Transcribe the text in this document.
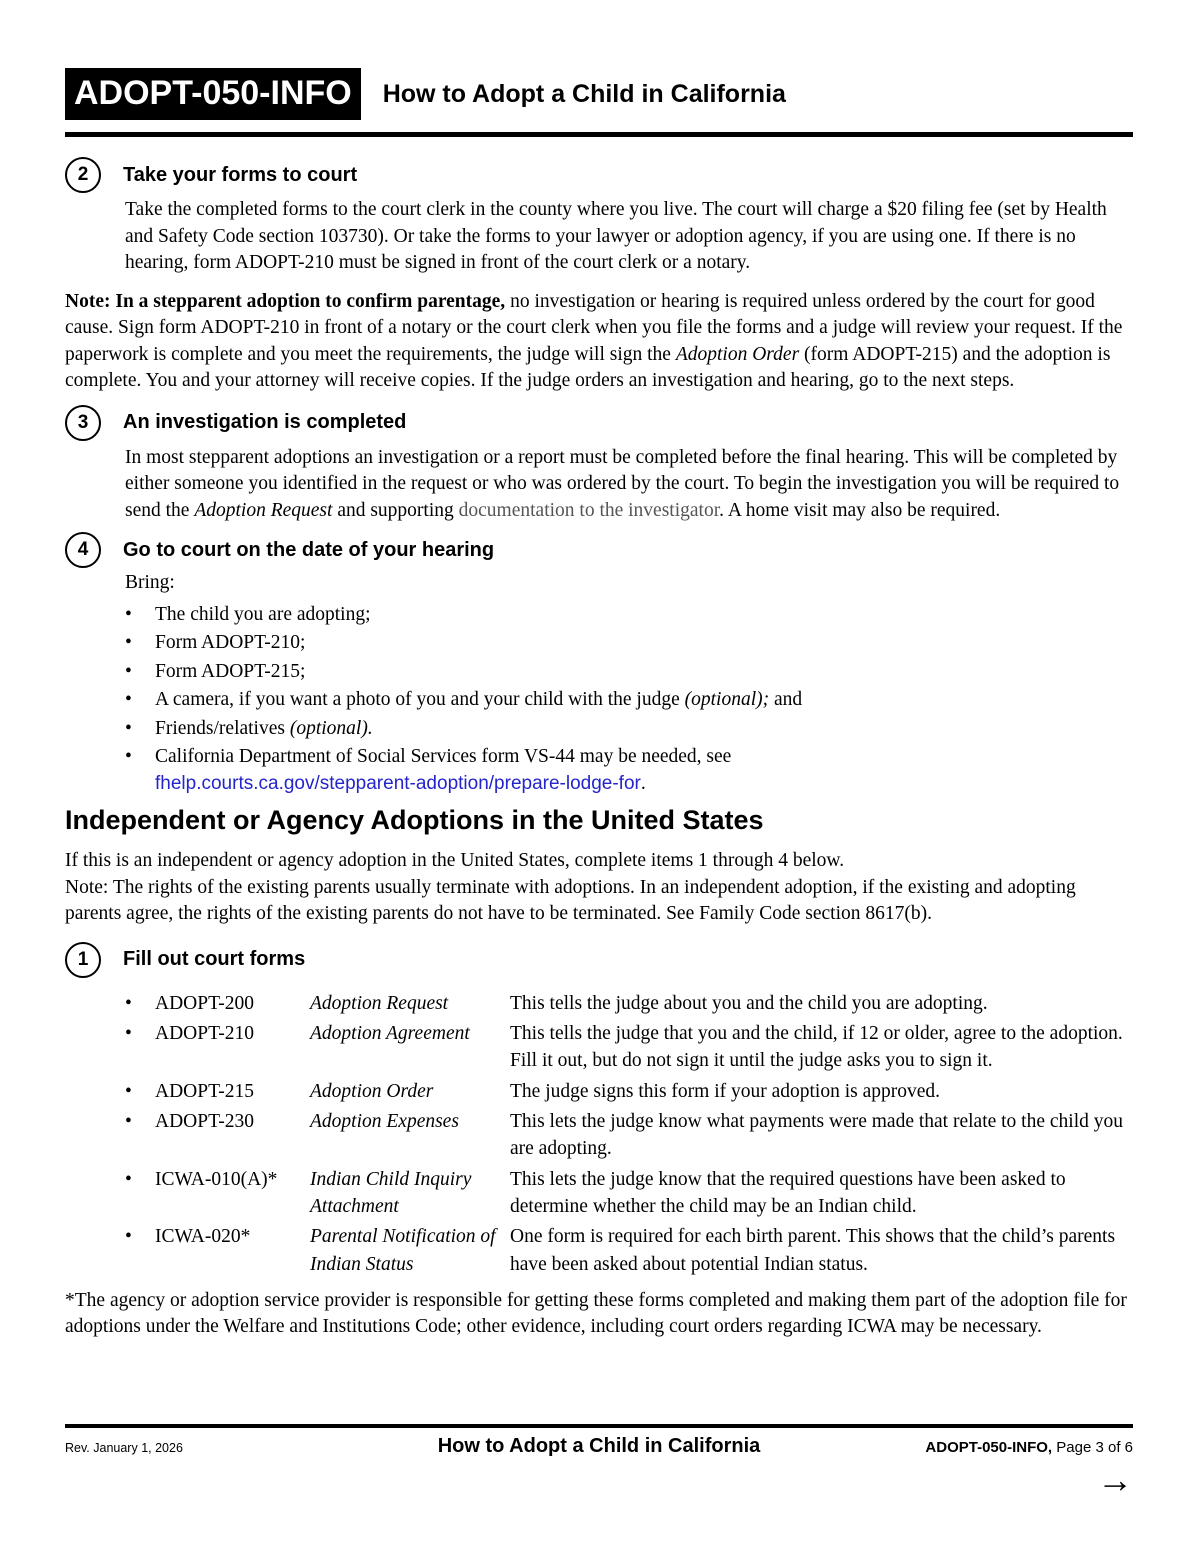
ADOPT-050-INFO	How to Adopt a Child in California
2	Take your forms to court

Take the completed forms to the court clerk in the county where you live. The court will charge a $20 filing fee (set by Health and Safety Code section 103730). Or take the forms to your lawyer or adoption agency, if you are using one. If there is no hearing, form ADOPT-210 must be signed in front of the court clerk or a notary.

Note: In a stepparent adoption to confirm parentage, no investigation or hearing is required unless ordered by the court for good cause. Sign form ADOPT-210 in front of a notary or the court clerk when you file the forms and a judge will review your request. If the paperwork is complete and you meet the requirements, the judge will sign the Adoption Order (form ADOPT-215) and the adoption is complete. You and your attorney will receive copies. If the judge orders an investigation and hearing, go to the next steps.

3	An investigation is completed

In most stepparent adoptions an investigation or a report must be completed before the final hearing. This will be completed by either someone you identified in the request or who was ordered by the court. To begin the investigation you will be required to send the Adoption Request and supporting documentation to the investigator. A home visit may also be required.

4	Go to court on the date of your hearing

Bring:

•	The child you are adopting;
•	Form ADOPT-210;
•	Form ADOPT-215;
•	A camera, if you want a photo of you and your child with the judge (optional); and
•	Friends/relatives (optional).
•	California Department of Social Services form VS-44 may be needed, see
fhelp.courts.ca.gov/stepparent-adoption/prepare-lodge-for.
Independent or Agency Adoptions in the United States

If this is an independent or agency adoption in the United States, complete items 1 through 4 below.

Note: The rights of the existing parents usually terminate with adoptions. In an independent adoption, if the existing and adopting parents agree, the rights of the existing parents do not have to be terminated. See Family Code section 8617(b).

1	Fill out court forms
•	ADOPT-200	Adoption Request	This tells the judge about you and the child you are adopting.
•	ADOPT-210	Adoption Agreement	This tells the judge that you and the child, if 12 or older, agree to the adoption. Fill it out, but do not sign it until the judge asks you to sign it.
•	ADOPT-215	Adoption Order	The judge signs this form if your adoption is approved.
•	ADOPT-230	Adoption Expenses	This lets the judge know what payments were made that relate to the child you are adopting.
•	ICWA-010(A)*	Indian Child Inquiry Attachment
This lets the judge know that the required questions have been asked to determine whether the child may be an Indian child.
•	ICWA-020*	Parental Notification of Indian Status
One form is required for each birth parent. This shows that the child’s parents have been asked about potential Indian status.

*The agency or adoption service provider is responsible for getting these forms completed and making them part of the adoption file for adoptions under the Welfare and Institutions Code; other evidence, including court orders regarding ICWA may be necessary.

Rev. January 1, 2026	How to Adopt a Child in California	ADOPT-050-INFO, Page 3 of 6
→
